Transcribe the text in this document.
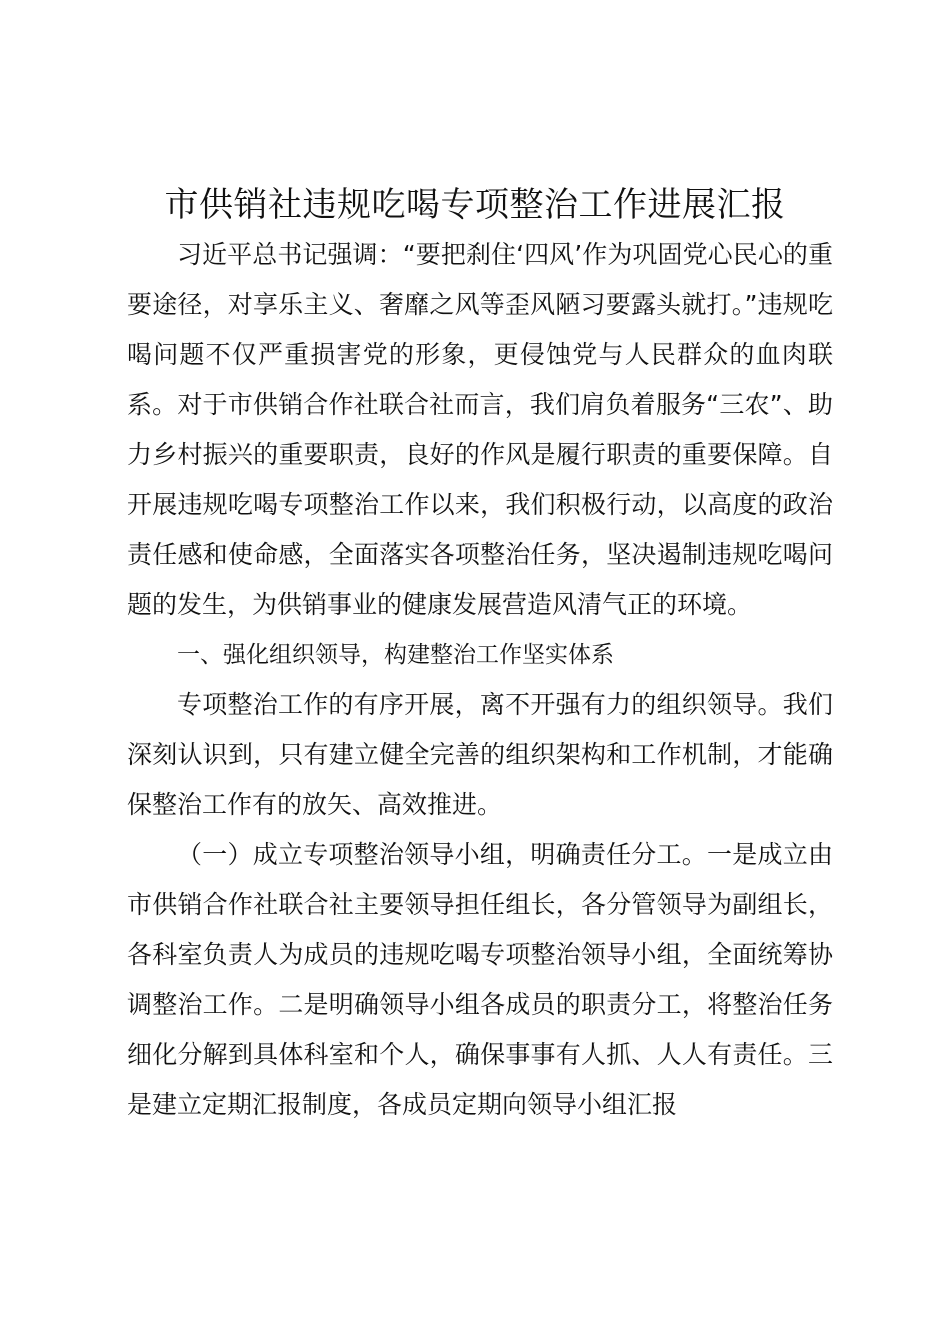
市供销社违规吃喝专项整治工作进展汇报

习近平总书记强调：“要把刹住‘四风’作为巩固党心民心的重要途径，对享乐主义、奢靡之风等歪风陋习要露头就打。”违规吃喝问题不仅严重损害党的形象，更侵蚀党与人民群众的血肉联系。对于市供销合作社联合社而言，我们肩负着服务“三农”、助力乡村振兴的重要职责，良好的作风是履行职责的重要保障。自开展违规吃喝专项整治工作以来，我们积极行动，以高度的政治责任感和使命感，全面落实各项整治任务，坚决遏制违规吃喝问题的发生，为供销事业的健康发展营造风清气正的环境。

一、强化组织领导，构建整治工作坚实体系

专项整治工作的有序开展，离不开强有力的组织领导。我们深刻认识到，只有建立健全完善的组织架构和工作机制，才能确保整治工作有的放矢、高效推进。

（一）成立专项整治领导小组，明确责任分工。一是成立由市供销合作社联合社主要领导担任组长，各分管领导为副组长，各科室负责人为成员的违规吃喝专项整治领导小组，全面统筹协调整治工作。二是明确领导小组各成员的职责分工，将整治任务细化分解到具体科室和个人，确保事事有人抓、人人有责任。三是建立定期汇报制度，各成员定期向领导小组汇报
